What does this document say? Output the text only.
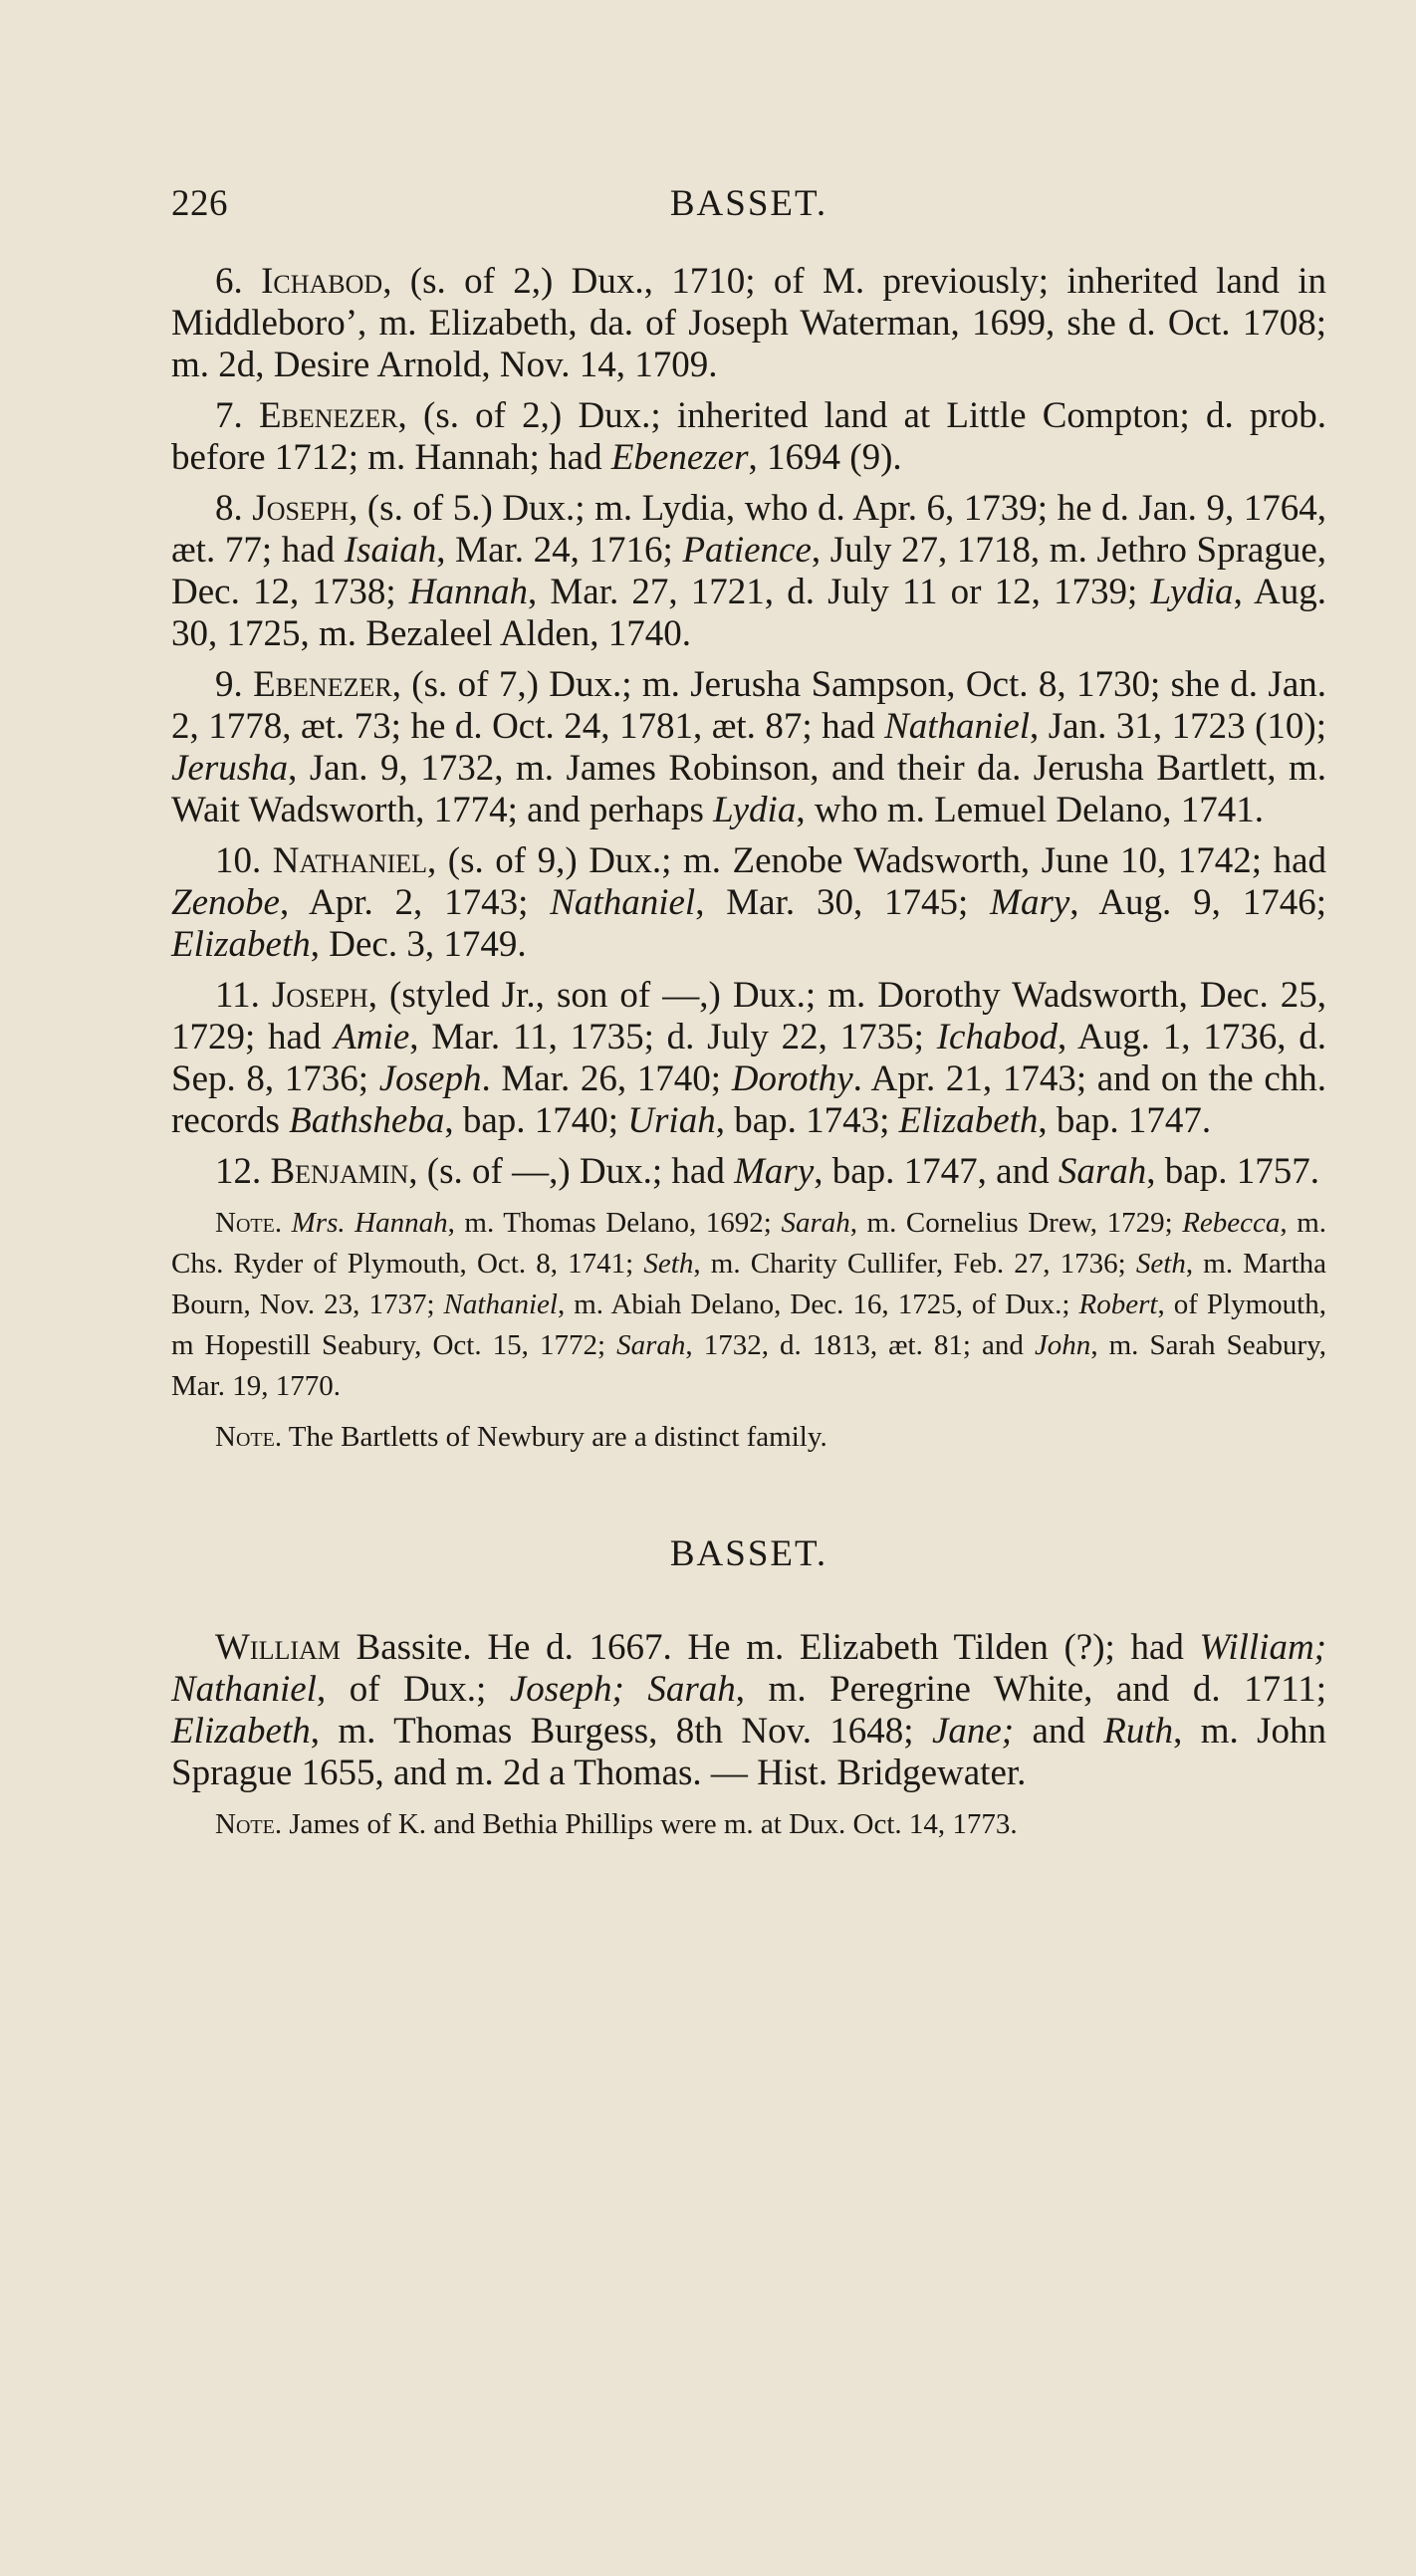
226	BASSET.

6. Ichabod, (s. of 2,) Dux., 1710; of M. previously; inherited land in Middleboro’, m. Elizabeth, da. of Joseph Waterman, 1699, she d. Oct. 1708; m. 2d, Desire Arnold, Nov. 14, 1709.

7. Ebenezer, (s. of 2,) Dux.; inherited land at Little Compton; d. prob. before 1712; m. Hannah; had Ebenezer, 1694 (9).

8. Joseph, (s. of 5.) Dux.; m. Lydia, who d. Apr. 6, 1739; he d. Jan. 9, 1764, æt. 77; had Isaiah, Mar. 24, 1716; Patience, July 27, 1718, m. Jethro Sprague, Dec. 12, 1738; Hannah, Mar. 27, 1721, d. July 11 or 12, 1739; Lydia, Aug. 30, 1725, m. Bezaleel Alden, 1740.

9. Ebenezer, (s. of 7,) Dux.; m. Jerusha Sampson, Oct. 8, 1730; she d. Jan. 2, 1778, æt. 73; he d. Oct. 24, 1781, æt. 87; had Nathaniel, Jan. 31, 1723 (10); Jerusha, Jan. 9, 1732, m. James Robinson, and their da. Jerusha Bartlett, m. Wait Wadsworth, 1774; and perhaps Lydia, who m. Lemuel Delano, 1741.

10. Nathaniel, (s. of 9,) Dux.; m. Zenobe Wadsworth, June 10, 1742; had Zenobe, Apr. 2, 1743; Nathaniel, Mar. 30, 1745; Mary, Aug. 9, 1746; Elizabeth, Dec. 3, 1749.

11. Joseph, (styled Jr., son of —,) Dux.; m. Dorothy Wadsworth, Dec. 25, 1729; had Amie, Mar. 11, 1735; d. July 22, 1735; Ichabod, Aug. 1, 1736, d. Sep. 8, 1736; Joseph. Mar. 26, 1740; Dorothy. Apr. 21, 1743; and on the chh. records Bathsheba, bap. 1740; Uriah, bap. 1743; Elizabeth, bap. 1747.

12. Benjamin, (s. of —,) Dux.; had Mary, bap. 1747, and Sarah, bap. 1757.

Note. Mrs. Hannah, m. Thomas Delano, 1692; Sarah, m. Cornelius Drew, 1729; Rebecca, m. Chs. Ryder of Plymouth, Oct. 8, 1741; Seth, m. Charity Cullifer, Feb. 27, 1736; Seth, m. Martha Bourn, Nov. 23, 1737; Nathaniel, m. Abiah Delano, Dec. 16, 1725, of Dux.; Robert, of Plymouth, m Hopestill Seabury, Oct. 15, 1772; Sarah, 1732, d. 1813, æt. 81; and John, m. Sarah Seabury, Mar. 19, 1770.

Note. The Bartletts of Newbury are a distinct family.

BASSET.

William Bassite. He d. 1667. He m. Elizabeth Tilden (?); had William; Nathaniel, of Dux.; Joseph; Sarah, m. Peregrine White, and d. 1711; Elizabeth, m. Thomas Burgess, 8th Nov. 1648; Jane; and Ruth, m. John Sprague 1655, and m. 2d a Thomas. — Hist. Bridgewater.

Note. James of K. and Bethia Phillips were m. at Dux. Oct. 14, 1773.
